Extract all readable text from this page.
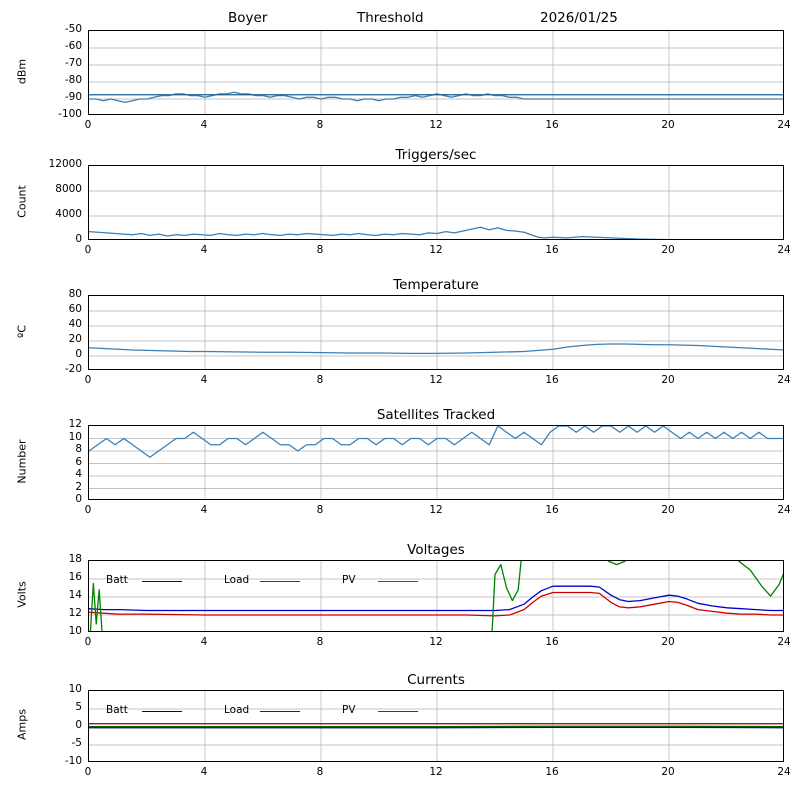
Boyer	Threshold	2026/01/25
-50
-60
-70
-80
-90
-100
0	4	8	12	16	20	24
dBm
Triggers/sec
0
4000
8000
12000
0	4	8	12	16	20	24
Count
Temperature
80
60
40
20
0
-20
0	4	8	12	16	20	24
ºC
Satellites Tracked
12
10
8
6
4
2
0
0	4	8	12	16	20	24
Number
Voltages
18
16
14
12
10
0	4	8	12	16	20	24
Volts
Batt	Load	PV
Currents
10
5
0
-5
-10
0	4	8	12	16	20	24
Amps	Batt	Load	PV
